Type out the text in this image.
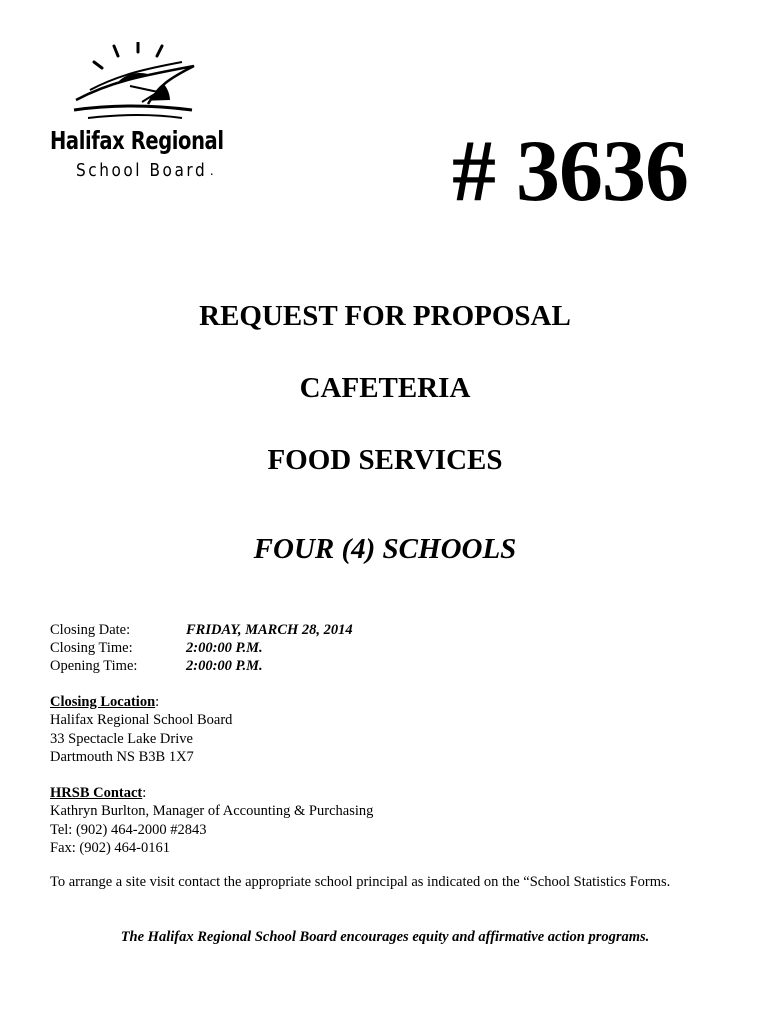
Halifax Regional
School Board .	# 3636
REQUEST FOR PROPOSAL
CAFETERIA
FOOD SERVICES
FOUR (4) SCHOOLS
Closing Date:	FRIDAY, MARCH 28, 2014
Closing Time:	2:00:00 P.M.
Opening Time:	2:00:00 P.M.
Closing Location:
Halifax Regional School Board
33 Spectacle Lake Drive
Dartmouth NS B3B 1X7
HRSB Contact:
Kathryn Burlton, Manager of Accounting & Purchasing
Tel: (902) 464-2000 #2843
Fax: (902) 464-0161
To arrange a site visit contact the appropriate school principal as indicated on the “School Statistics Forms.
The Halifax Regional School Board encourages equity and affirmative action programs.
